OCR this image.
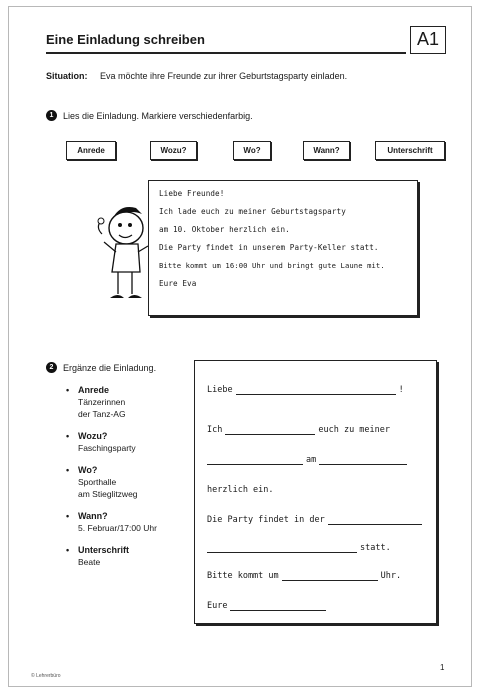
Eine Einladung schreiben	A1
Situation: Eva möchte ihre Freunde zur ihrer Geburtstagsparty einladen.
1	Lies die Einladung. Markiere verschiedenfarbig.
Anrede	Wozu?	Wo?	Wann?	Unterschrift
Liebe Freunde!
Ich lade euch zu meiner Geburtstagsparty
am 10. Oktober herzlich ein.
Die Party findet in unserem Party-Keller statt.
Bitte kommt um 16:00 Uhr und bringt gute Laune mit.
Eure Eva
2	Ergänze die Einladung.
• Anrede
Tänzerinnen
der Tanz-AG
• Wozu?
Faschingsparty
• Wo?
Sporthalle
am Stieglitzweg
• Wann?
5. Februar/17:00 Uhr
• Unterschrift
Beate
Liebe	!
Ich	euch zu meiner
am
herzlich ein.
Die Party findet in der
statt.
Bitte kommt um	Uhr.
Eure
© Lehrerbüro
1
